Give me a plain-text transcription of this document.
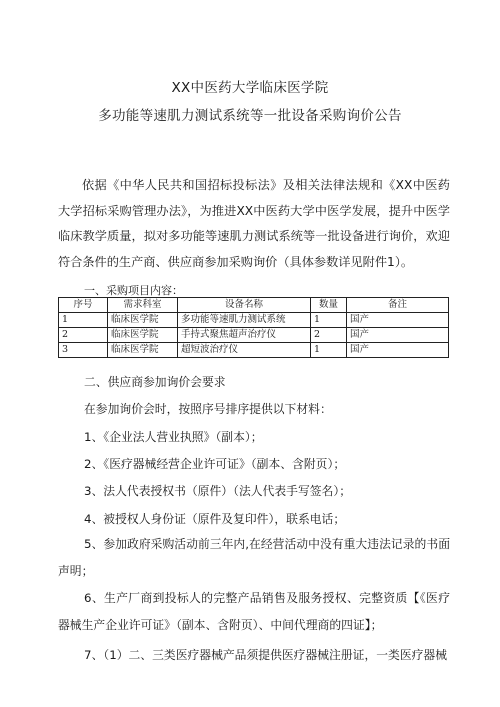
XX中医药大学临床医学院
多功能等速肌力测试系统等一批设备采购询价公告
依据《中华人民共和国招标投标法》及相关法律法规和《XX中医药大学招标采购管理办法》，为推进XX中医药大学中医学发展，提升中医学临床教学质量，拟对多功能等速肌力测试系统等一批设备进行询价，欢迎符合条件的生产商、供应商参加采购询价（具体参数详见附件1）。
一、采购项目内容：
序号	需求科室	设备名称	数量	备注
1	临床医学院	多功能等速肌力测试系统	1	国产
2	临床医学院	手持式聚焦超声治疗仪	2	国产
3	临床医学院	超短波治疗仪	1	国产
二、供应商参加询价会要求
在参加询价会时，按照序号排序提供以下材料：
1、《企业法人营业执照》（副本）；
2、《医疗器械经营企业许可证》（副本、含附页）；
3、法人代表授权书（原件）（法人代表手写签名）；
4、被授权人身份证（原件及复印件），联系电话；
5、参加政府采购活动前三年内,在经营活动中没有重大违法记录的书面声明；
6、生产厂商到投标人的完整产品销售及服务授权、完整资质【《医疗器械生产企业许可证》（副本、含附页）、中间代理商的四证】；
7、（1）二、三类医疗器械产品须提供医疗器械注册证，一类医疗器械
